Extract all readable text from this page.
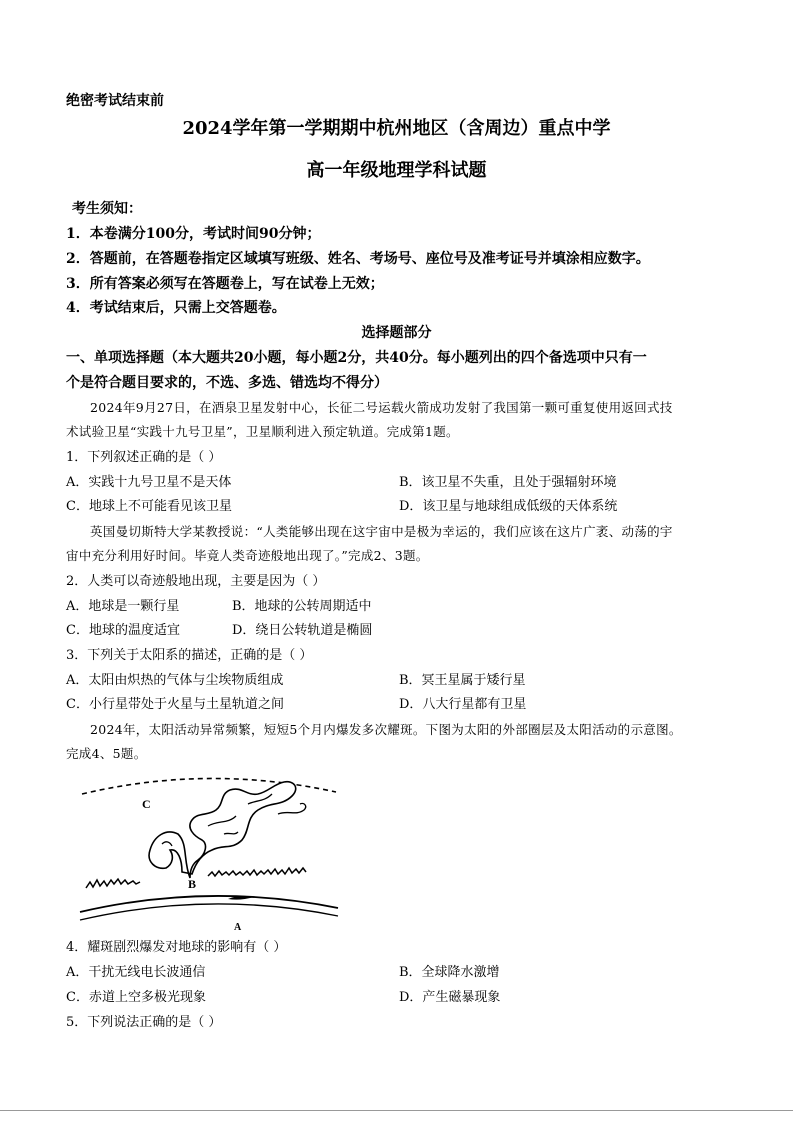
绝密考试结束前
2024学年第一学期期中杭州地区（含周边）重点中学
高一年级地理学科试题
考生须知：
1．本卷满分100分，考试时间90分钟；
2．答题前，在答题卷指定区域填写班级、姓名、考场号、座位号及准考证号并填涂相应数字。
3．所有答案必须写在答题卷上，写在试卷上无效；
4．考试结束后，只需上交答题卷。
选择题部分
一、单项选择题（本大题共20小题，每小题2分，共40分。每小题列出的四个备选项中只有一
个是符合题目要求的，不选、多选、错选均不得分）
2024年9月27日，在酒泉卫星发射中心，长征二号运载火箭成功发射了我国第一颗可重复使用返回式技
术试验卫星“实践十九号卫星”，卫星顺利进入预定轨道。完成第1题。
1．下列叙述正确的是（ ）
A．实践十九号卫星不是天体	B．该卫星不失重，且处于强辐射环境
C．地球上不可能看见该卫星	D．该卫星与地球组成低级的天体系统
英国曼切斯特大学某教授说：“人类能够出现在这宇宙中是极为幸运的，我们应该在这片广袤、动荡的宇
宙中充分利用好时间。毕竟人类奇迹般地出现了。”完成2、3题。
2．人类可以奇迹般地出现，主要是因为（ ）
A．地球是一颗行星	B．地球的公转周期适中
C．地球的温度适宜	D．绕日公转轨道是椭圆
3．下列关于太阳系的描述，正确的是（ ）
A．太阳由炽热的气体与尘埃物质组成	B．冥王星属于矮行星
C．小行星带处于火星与土星轨道之间	D．八大行星都有卫星
2024年，太阳活动异常频繁，短短5个月内爆发多次耀斑。下图为太阳的外部圈层及太阳活动的示意图。
完成4、5题。
C
B
A
4．耀斑剧烈爆发对地球的影响有（ ）
A．干扰无线电长波通信	B．全球降水激增
C．赤道上空多极光现象	D．产生磁暴现象
5．下列说法正确的是（ ）
